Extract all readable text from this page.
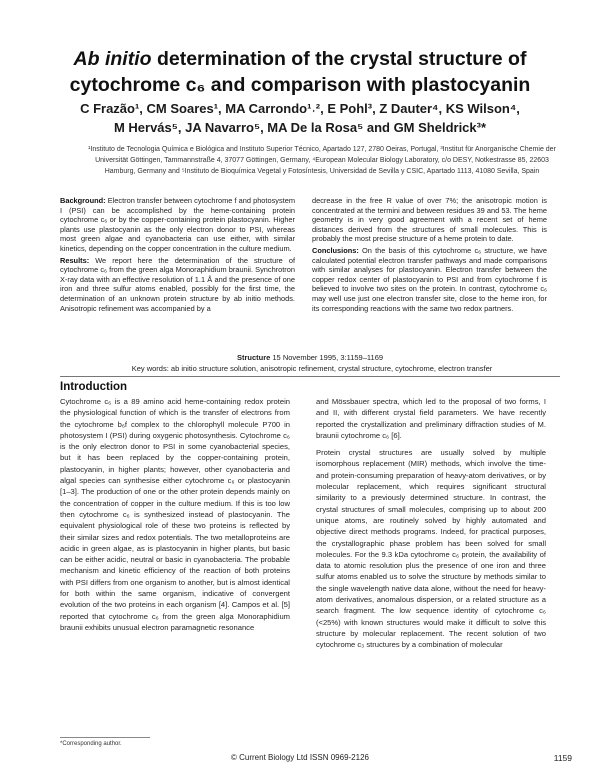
Ab initio determination of the crystal structure of
cytochrome c₆ and comparison with plastocyanin
C Frazão¹, CM Soares¹, MA Carrondo¹˒², E Pohl³, Z Dauter⁴, KS Wilson⁴,
M Hervás⁵, JA Navarro⁵, MA De la Rosa⁵ and GM Sheldrick³*
¹Instituto de Tecnologia Química e Biológica and Instituto Superior Técnico, Apartado 127, 2780 Oeiras, Portugal, ³Institut für Anorganische Chemie der Universität Göttingen, Tammannstraße 4, 37077 Göttingen, Germany, ⁴European Molecular Biology Laboratory, c/o DESY, Notkestrasse 85, 22603 Hamburg, Germany and ⁵Instituto de Bioquímica Vegetal y Fotosíntesis, Universidad de Sevilla y CSIC, Apartado 1113, 41080 Sevilla, Spain

Background: Electron transfer between cytochrome f and photosystem I (PSI) can be accomplished by the heme-containing protein cytochrome c₆ or by the copper-containing protein plastocyanin. Higher plants use plastocyanin as the only electron donor to PSI, whereas most green algae and cyanobacteria can use either, with similar kinetics, depending on the copper concentration in the culture medium.

Results: We report here the determination of the structure of cytochrome c₆ from the green alga Monoraphidium braunii. Synchrotron X-ray data with an effective resolution of 1.1 Å and the presence of one iron and three sulfur atoms enabled, possibly for the first time, the determination of an unknown protein structure by ab initio methods. Anisotropic refinement was accompanied by a

decrease in the free R value of over 7%; the anisotropic motion is concentrated at the termini and between residues 39 and 53. The heme geometry is in very good agreement with a recent set of heme distances derived from the structures of small molecules. This is probably the most precise structure of a heme protein to date.

Conclusions: On the basis of this cytochrome c₆ structure, we have calculated potential electron transfer pathways and made comparisons with similar analyses for plastocyanin. Electron transfer between the copper redox center of plastocyanin to PSI and from cytochrome f is believed to involve two sites on the protein. In contrast, cytochrome c₆ may well use just one electron transfer site, close to the heme iron, for its corresponding reactions with the same two redox partners.

Structure 15 November 1995, 3:1159–1169
Key words: ab initio structure solution, anisotropic refinement, crystal structure, cytochrome, electron transfer
Introduction

Cytochrome c₆ is a 89 amino acid heme-containing redox protein the physiological function of which is the transfer of electrons from the cytochrome b₆f complex to the chlorophyll molecule P700 in photosystem I (PSI) during oxygenic photosynthesis. Cytochrome c₆ is the only electron donor to PSI in some cyanobacterial species, but it has been replaced by the copper-containing protein, plastocyanin, in higher plants; however, other cyanobacteria and algal species can synthesise either cytochrome c₆ or plastocyanin [1–3]. The production of one or the other protein depends mainly on the concentration of copper in the culture medium. If this is too low then cytochrome c₆ is synthesized instead of plastocyanin. The equivalent physiological role of these two proteins is reflected by their similar sizes and redox potentials. The two metalloproteins are acidic in green algae, as is plastocyanin in higher plants, but basic can be either acidic, neutral or basic in cyanobacteria. The probable mechanism and kinetic efficiency of the reaction of both proteins with PSI differs from one organism to another, but is almost identical for both within the same organism, indicative of convergent evolution of the two proteins in each organism [4]. Campos et al. [5] reported that cytochrome c₆ from the green alga Monoraphidium braunii exhibits unusual electron paramagnetic resonance

and Mössbauer spectra, which led to the proposal of two forms, I and II, with different crystal field parameters. We have recently reported the crystallization and preliminary diffraction studies of M. braunii cytochrome c₆ [6].

Protein crystal structures are usually solved by multiple isomorphous replacement (MIR) methods, which involve the time- and protein-consuming preparation of heavy-atom derivatives, or by molecular replacement, which requires significant structural similarity to a previously determined structure. In contrast, the crystal structures of small molecules, comprising up to about 200 unique atoms, are routinely solved by highly automated and objective direct methods programs. Indeed, for practical purposes, the crystallographic phase problem has been solved for small molecules. For the 9.3 kDa cytochrome c₆ protein, the availability of data to atomic resolution plus the presence of one iron and three sulfur atoms enabled us to solve the structure by methods similar to the single wavelength native data alone, without the need for heavy-atom derivatives, anomalous dispersion, or a related structure as a search fragment. The low sequence identity of cytochrome c₆ (<25%) with known structures would make it difficult to solve this structure by molecular replacement. The recent solution of two cytochrome c₃ structures by a combination of molecular

*Corresponding author.
© Current Biology Ltd ISSN 0969-2126	1159
